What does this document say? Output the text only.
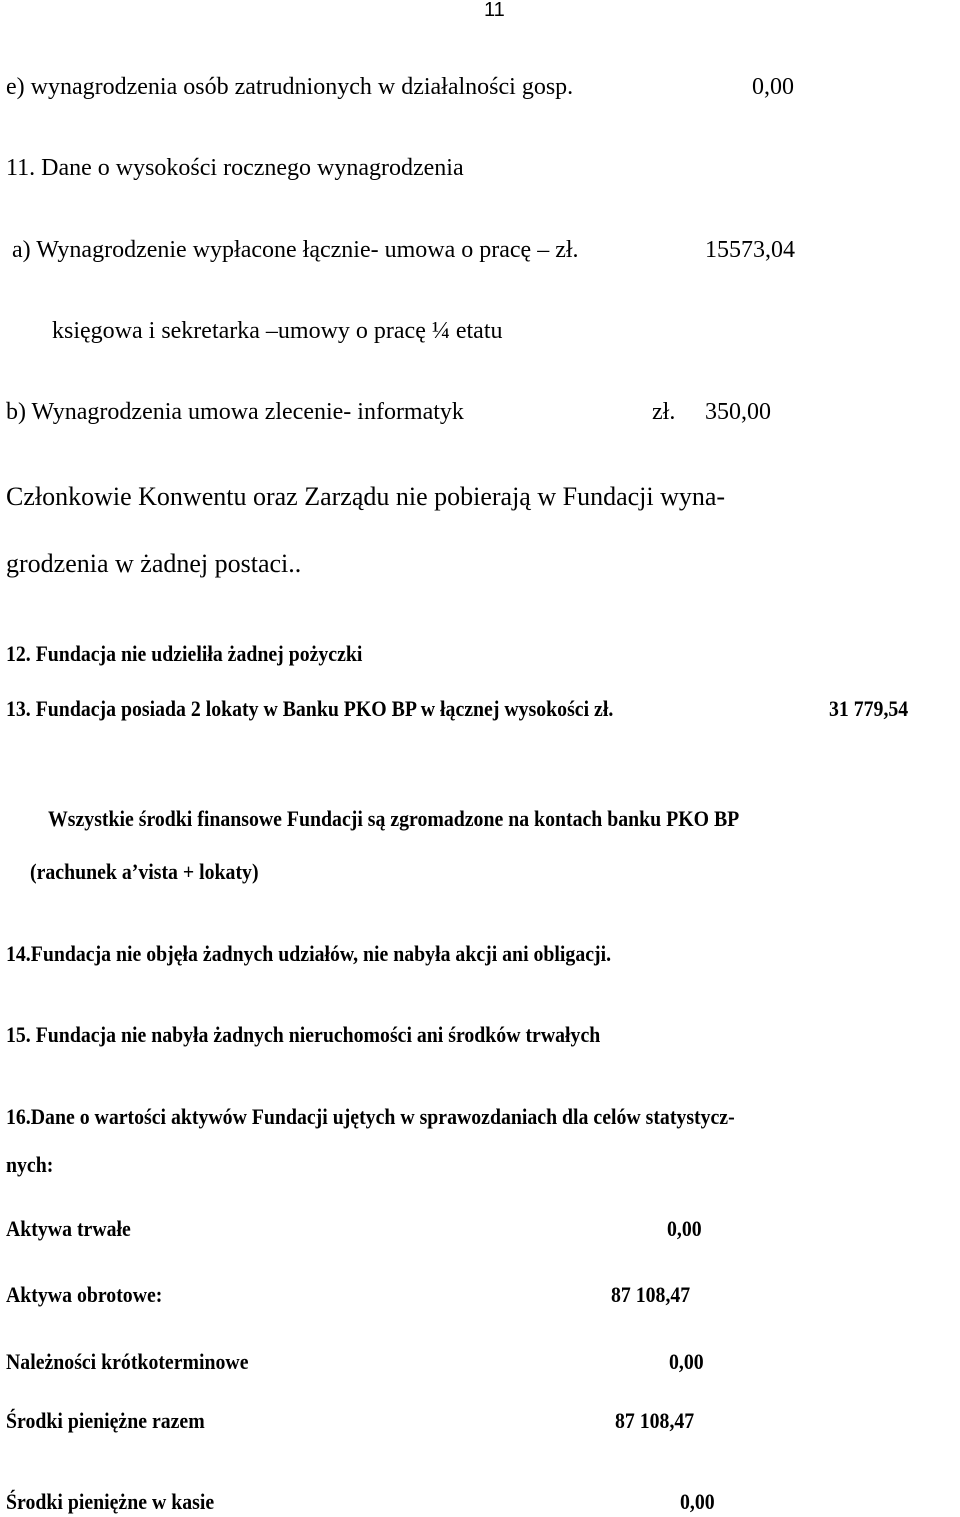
11
e) wynagrodzenia osób zatrudnionych w działalności gosp.	0,00
11. Dane o wysokości rocznego wynagrodzenia
a) Wynagrodzenie wypłacone łącznie- umowa o pracę – zł.	15573,04
księgowa i sekretarka –umowy o pracę ¼ etatu
b) Wynagrodzenia umowa zlecenie- informatyk	zł. 350,00
Członkowie Konwentu oraz Zarządu nie pobierają w Fundacji wyna-
grodzenia w żadnej postaci..
12. Fundacja nie udzieliła żadnej pożyczki
13. Fundacja posiada 2 lokaty w Banku PKO BP w łącznej wysokości zł.	31 779,54
Wszystkie środki finansowe Fundacji są zgromadzone na kontach banku PKO BP
(rachunek a’vista + lokaty)
14.Fundacja nie objęła żadnych udziałów, nie nabyła akcji ani obligacji.
15. Fundacja nie nabyła żadnych nieruchomości ani środków trwałych
16.Dane o wartości aktywów Fundacji ujętych w sprawozdaniach dla celów statystycz-
nych:
Aktywa trwałe	0,00
Aktywa obrotowe:	87 108,47
Należności krótkoterminowe	0,00
Środki pieniężne razem	87 108,47
Środki pieniężne w kasie	0,00
